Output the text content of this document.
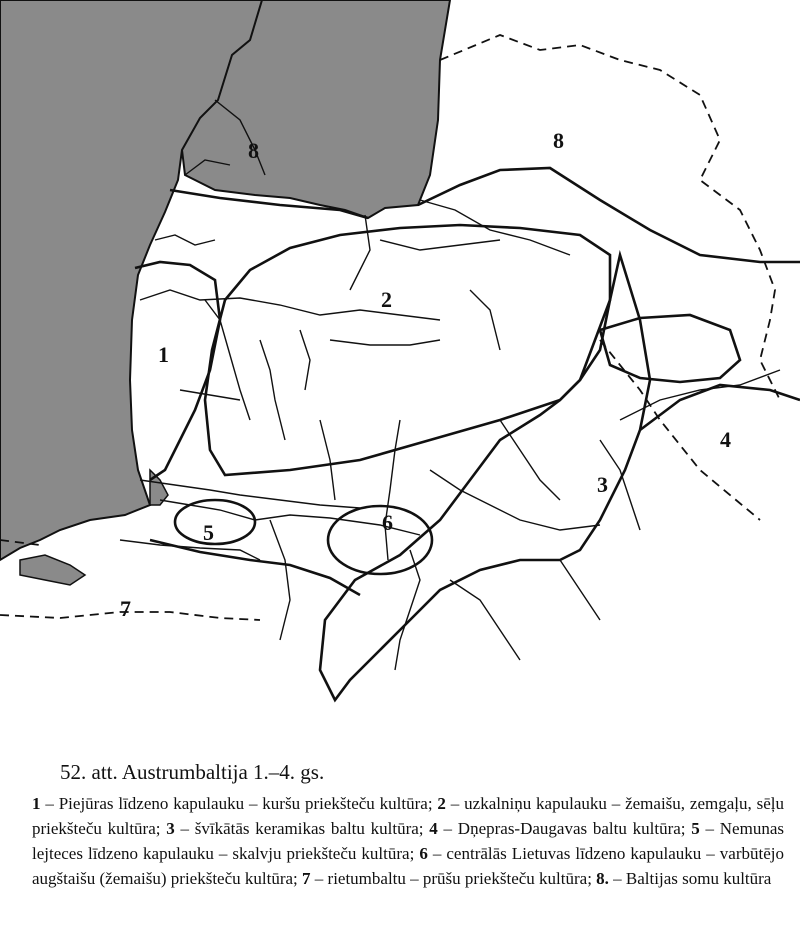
1
2
3
4
5	6
7
8	8

52. att. Austrumbaltija 1.–4. gs.

1 – Piejūras līdzeno kapulauku – kuršu priekšteču kultūra; 2 – uzkalniņu kapulauku – žemaišu, zemgaļu, sēļu priekšteču kultūra; 3 – švīkātās keramikas baltu kultūra; 4 – Dņepras-Daugavas baltu kultūra; 5 – Nemunas lejteces līdzeno kapulauku – skalvju priekšteču kultūra; 6 – centrālās Lietuvas līdzeno kapulauku – varbūtējo augštaišu (žemaišu) priekšteču kultūra; 7 – rietumbaltu – prūšu priekšteču kultūra; 8. – Baltijas somu kultūra
